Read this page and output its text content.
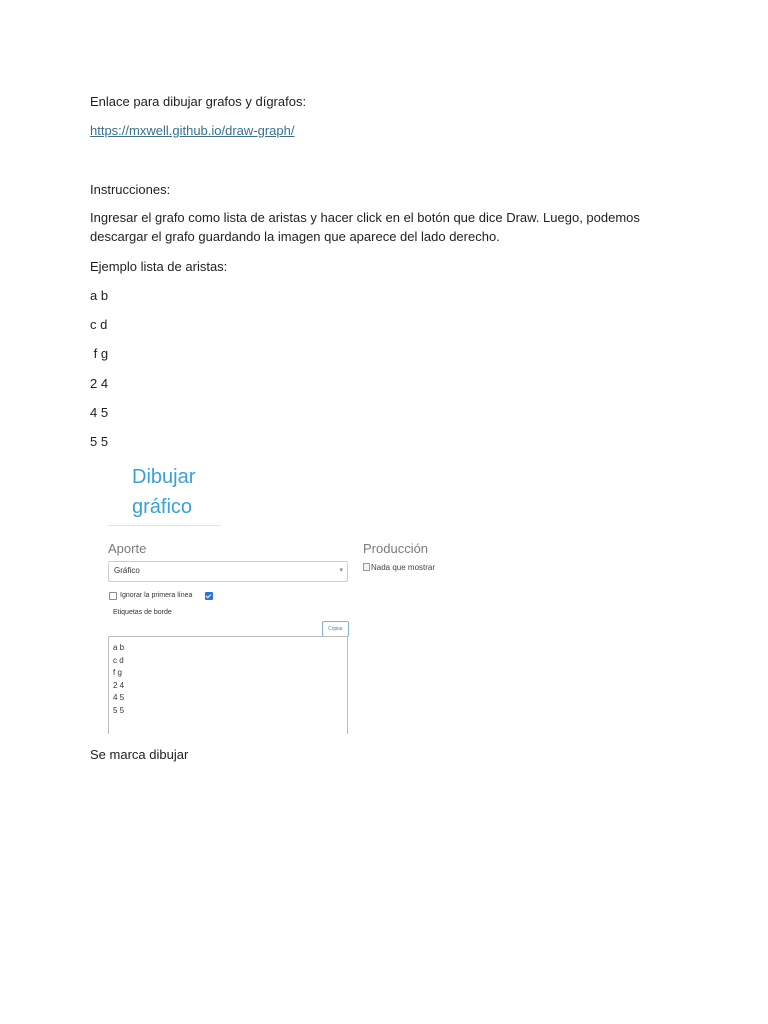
Enlace para dibujar grafos y dígrafos:
https://mxwell.github.io/draw-graph/
Instrucciones:
Ingresar el grafo como lista de aristas y hacer click en el botón que dice Draw. Luego, podemos
descargar el grafo guardando la imagen que aparece del lado derecho.
Ejemplo lista de aristas:
a b
c d
f g
2 4
4 5
5 5
Dibujar
gráfico
Aporte	Producción
Gráfico	▾
Ignorar la primera línea
Etiquetas de borde
Copiar
a b
c d
f g
2 4
4 5
5 5
Nada que mostrar
Se marca dibujar
